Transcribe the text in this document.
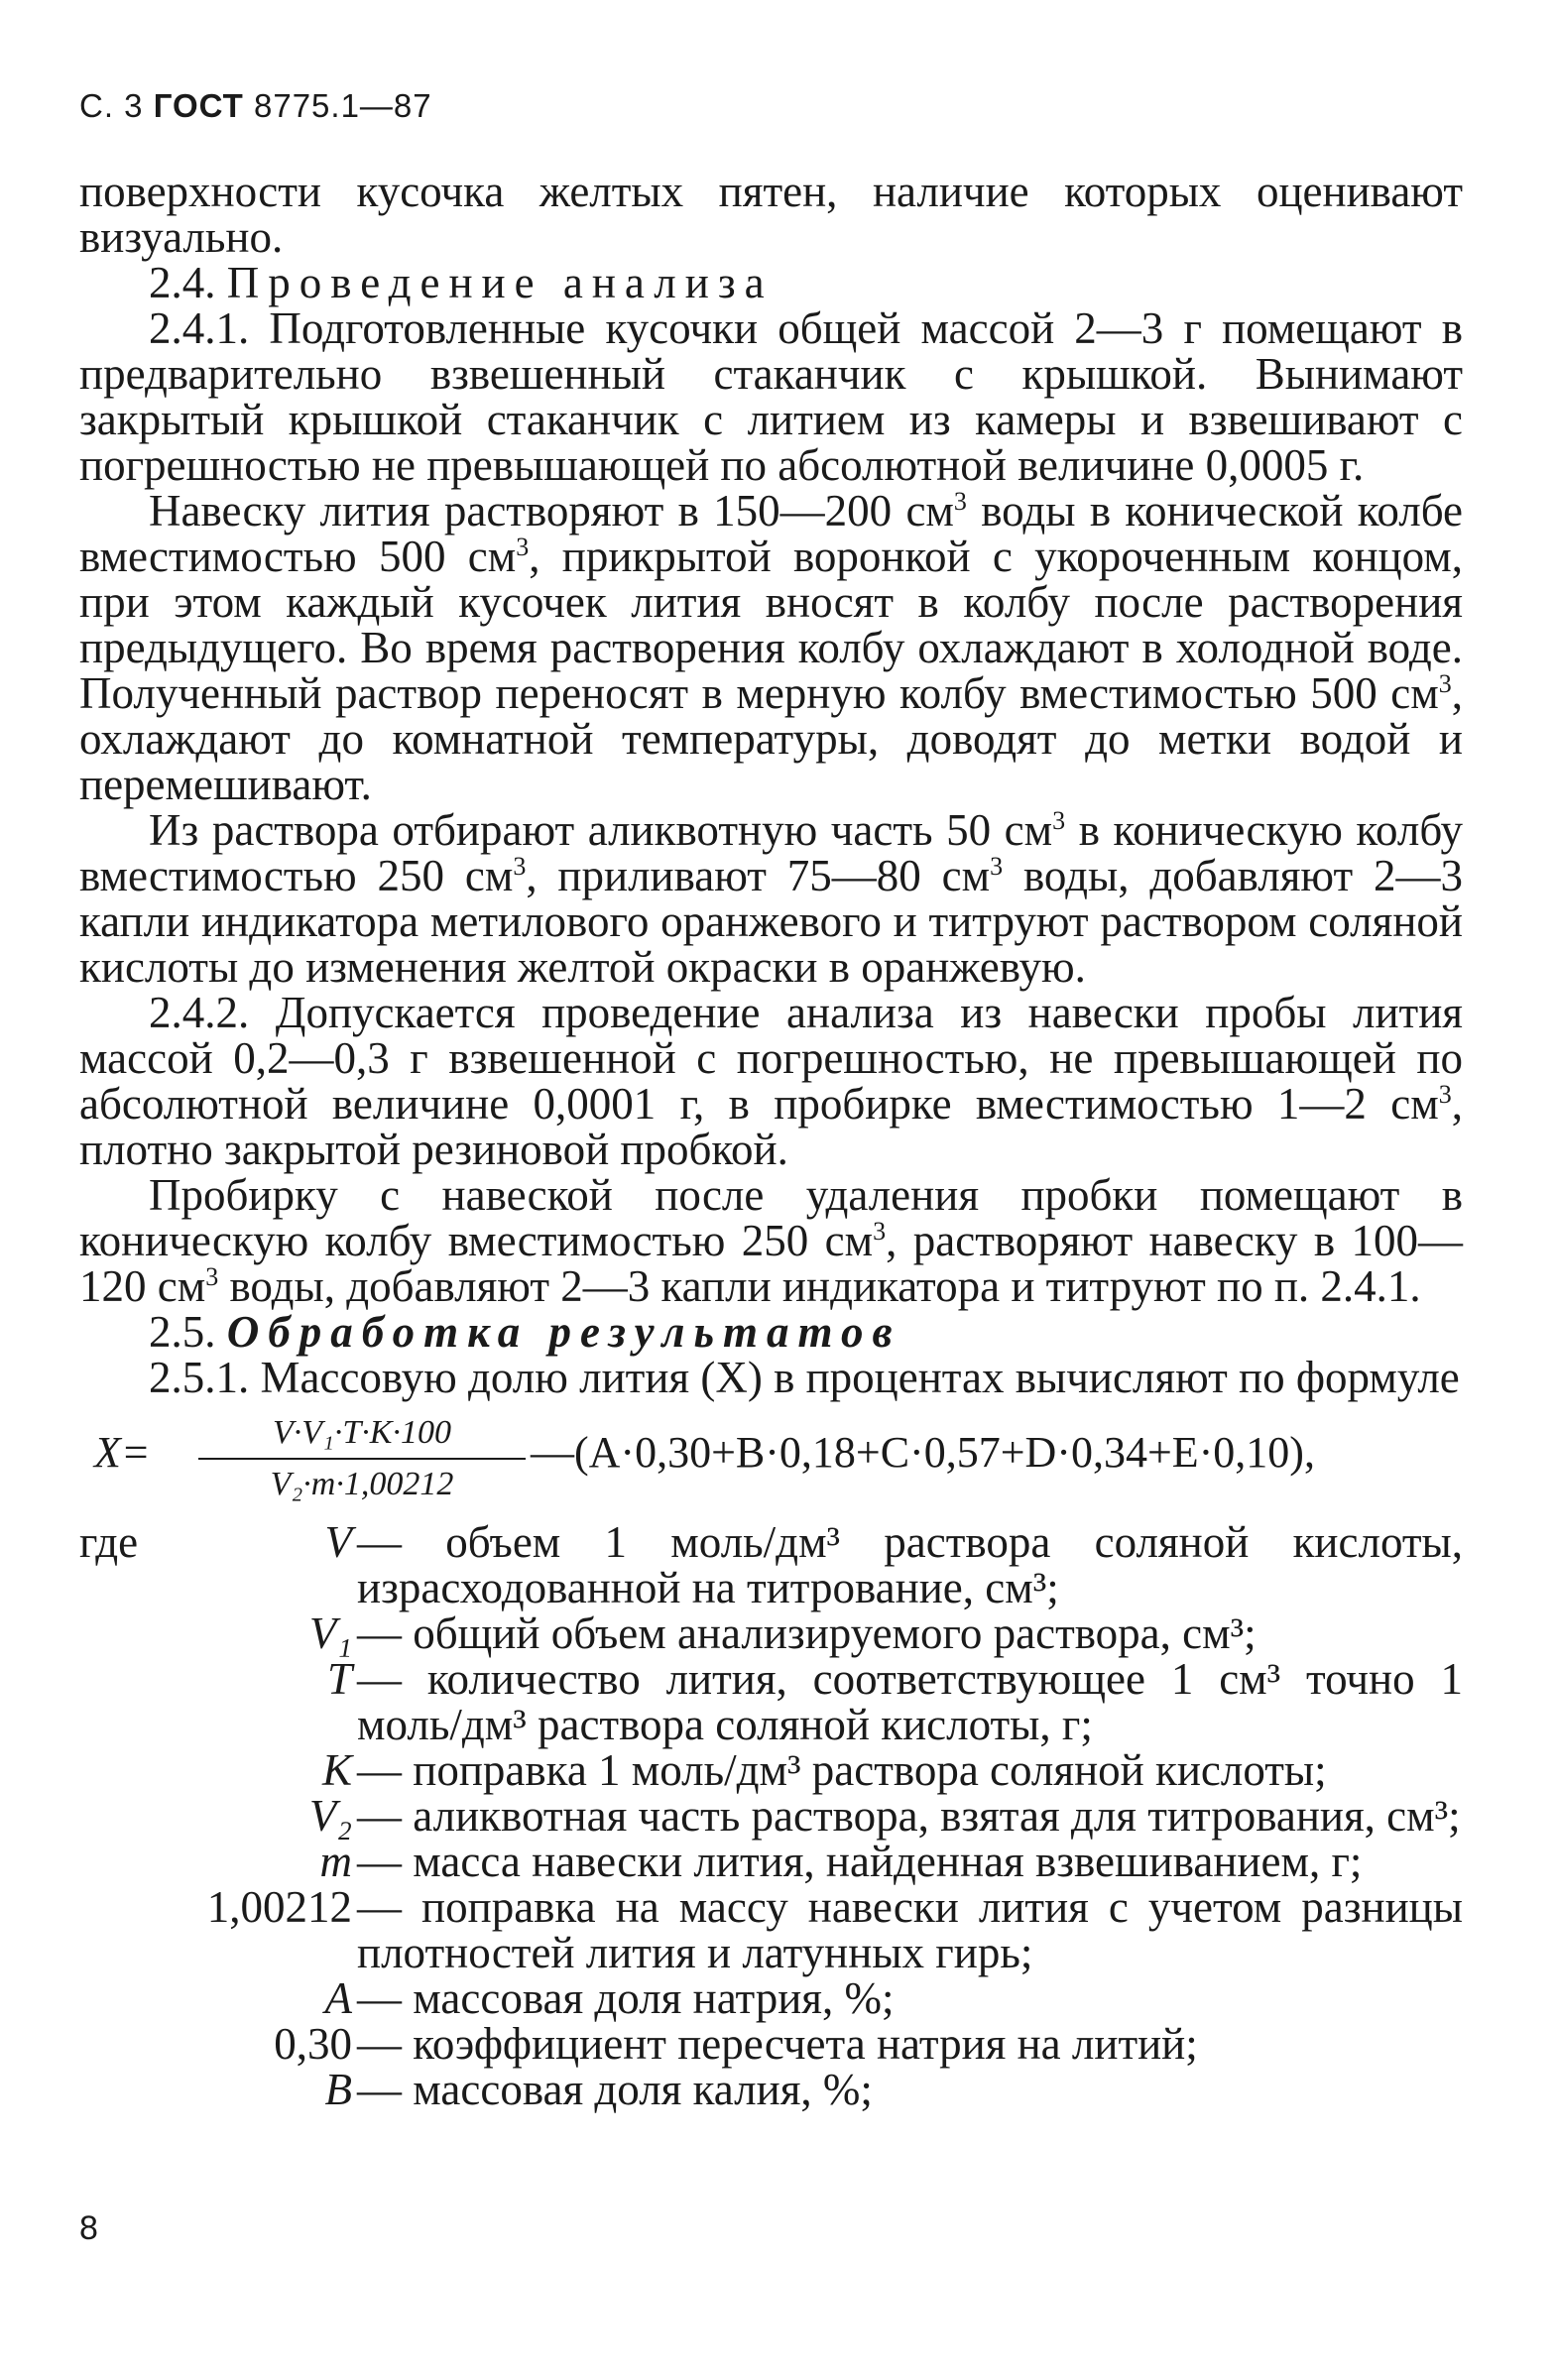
С. 3 ГОСТ 8775.1—87

поверхности кусочка желтых пятен, наличие которых оценивают визуально.

2.4. Проведение анализа

2.4.1. Подготовленные кусочки общей массой 2—3 г помещают в предварительно взвешенный стаканчик с крышкой. Вынимают закрытый крышкой стаканчик с литием из камеры и взвешивают с погрешностью не превышающей по абсолютной величине 0,0005 г.

Навеску лития растворяют в 150—200 $см^3$ воды в конической колбе вместимостью 500 $см^3$, прикрытой воронкой с укороченным концом, при этом каждый кусочек лития вносят в колбу после растворения предыдущего. Во время растворения колбу охлаждают в холодной воде. Полученный раствор переносят в мерную колбу вместимостью 500 $см^3$, охлаждают до комнатной температуры, доводят до метки водой и перемешивают.

Из раствора отбирают аликвотную часть 50 $см^3$ в коническую колбу вместимостью 250 $см^3$, приливают 75—80 $см^3$ воды, добавляют 2—3 капли индикатора метилового оранжевого и титруют раствором соляной кислоты до изменения желтой окраски в оранжевую.

2.4.2. Допускается проведение анализа из навески пробы лития массой 0,2—0,3 г взвешенной с погрешностью, не превышающей по абсолютной величине 0,0001 г, в пробирке вместимостью 1—2 $см^3$, плотно закрытой резиновой пробкой.

Пробирку с навеской после удаления пробки помещают в коническую колбу вместимостью 250 $см^3$, растворяют навеску в 100—120 $см^3$ воды, добавляют 2—3 капли индикатора и титруют по п. 2.4.1.

2.5. Обработка результатов

2.5.1. Массовую долю лития (X) в процентах вычисляют по формуле

$X= \frac{\text{V·V₁·T·K·100}}{\text{V₂·m·1,00212}}$ —(A·0,30+B·0,18+C·0,57+D·0,34+E·0,10),
где	V — объем 1 моль/дм³ раствора соляной кислоты, израсходованной на титрование, см³;
V₁ — общий объем анализируемого раствора, см³;
T — количество лития, соответствующее 1 см³ точно 1 моль/дм³ раствора соляной кислоты, г;
K — поправка 1 моль/дм³ раствора соляной кислоты;
V₂ — аликвотная часть раствора, взятая для титрования, см³;
m — масса навески лития, найденная взвешиванием, г;
1,00212 — поправка на массу навески лития с учетом разницы плотностей лития и латунных гирь;
A — массовая доля натрия, %;
0,30 — коэффициент пересчета натрия на литий;
B — массовая доля калия, %;
8
